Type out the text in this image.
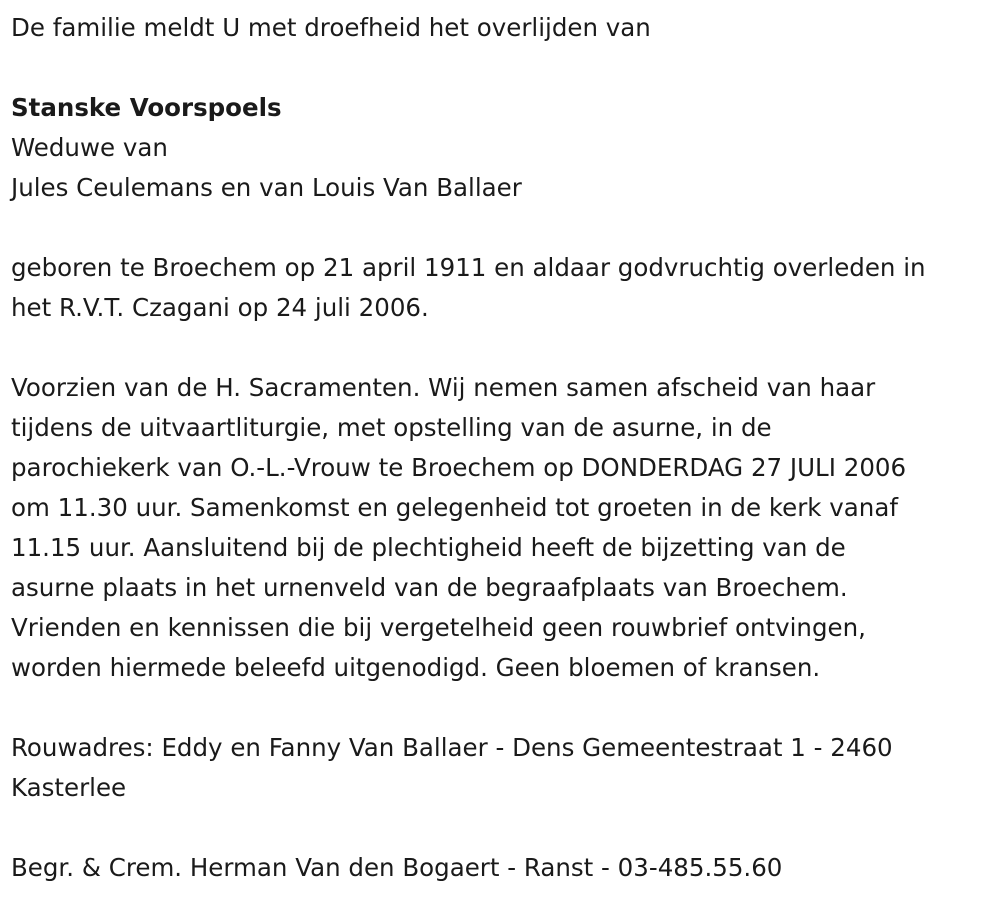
De familie meldt U met droefheid het overlijden van

Stanske Voorspoels

Weduwe van

Jules Ceulemans en van Louis Van Ballaer

geboren te Broechem op 21 april 1911 en aldaar godvruchtig overleden in

het R.V.T. Czagani op 24 juli 2006.

Voorzien van de H. Sacramenten. Wij nemen samen afscheid van haar

tijdens de uitvaartliturgie, met opstelling van de asurne, in de

parochiekerk van O.-L.-Vrouw te Broechem op DONDERDAG 27 JULI 2006

om 11.30 uur. Samenkomst en gelegenheid tot groeten in de kerk vanaf

11.15 uur. Aansluitend bij de plechtigheid heeft de bijzetting van de

asurne plaats in het urnenveld van de begraafplaats van Broechem.

Vrienden en kennissen die bij vergetelheid geen rouwbrief ontvingen,

worden hiermede beleefd uitgenodigd. Geen bloemen of kransen.

Rouwadres: Eddy en Fanny Van Ballaer - Dens Gemeentestraat 1 - 2460

Kasterlee

Begr. & Crem. Herman Van den Bogaert - Ranst - 03-485.55.60
